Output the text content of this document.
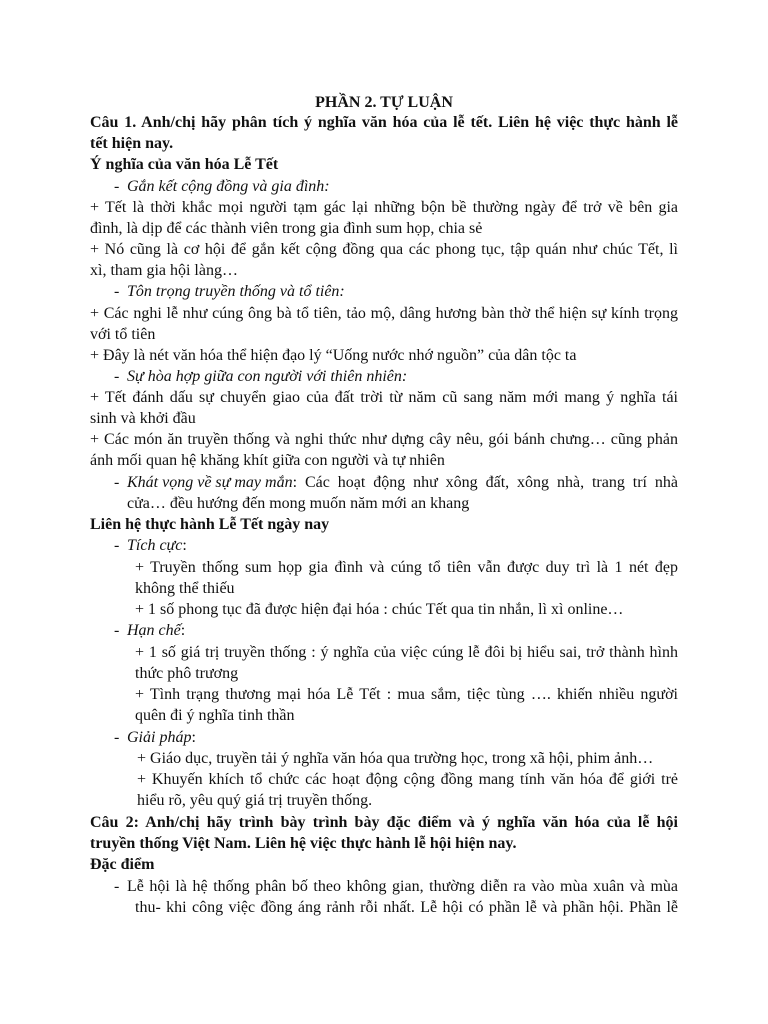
PHẦN 2. TỰ LUẬN
Câu 1. Anh/chị hãy phân tích ý nghĩa văn hóa của lễ tết. Liên hệ việc thực hành lễ
tết hiện nay.
Ý nghĩa của văn hóa Lễ Tết
- Gắn kết cộng đồng và gia đình:
+ Tết là thời khắc mọi người tạm gác lại những bộn bề thường ngày để trở về bên gia
đình, là dịp để các thành viên trong gia đình sum họp, chia sẻ
+ Nó cũng là cơ hội để gắn kết cộng đồng qua các phong tục, tập quán như chúc Tết, lì
xì, tham gia hội làng…
- Tôn trọng truyền thống và tổ tiên:
+ Các nghi lễ như cúng ông bà tổ tiên, tảo mộ, dâng hương bàn thờ thể hiện sự kính trọng
với tổ tiên
+ Đây là nét văn hóa thể hiện đạo lý “Uống nước nhớ nguồn” của dân tộc ta
- Sự hòa hợp giữa con người với thiên nhiên:
+ Tết đánh dấu sự chuyển giao của đất trời từ năm cũ sang năm mới mang ý nghĩa tái
sinh và khởi đầu
+ Các món ăn truyền thống và nghi thức như dựng cây nêu, gói bánh chưng… cũng phản
ánh mối quan hệ khăng khít giữa con người và tự nhiên
- Khát vọng về sự may mắn : Các hoạt động như xông đất, xông nhà, trang trí nhà
cửa… đều hướng đến mong muốn năm mới an khang
Liên hệ thực hành Lễ Tết ngày nay
- Tích cực :
+ Truyền thống sum họp gia đình và cúng tổ tiên vẫn được duy trì là 1 nét đẹp
không thể thiếu
+ 1 số phong tục đã được hiện đại hóa : chúc Tết qua tin nhắn, lì xì online…
- Hạn chế :
+ 1 số giá trị truyền thống : ý nghĩa của việc cúng lễ đôi bị hiểu sai, trở thành hình
thức phô trương
+ Tình trạng thương mại hóa Lễ Tết : mua sắm, tiệc tùng …. khiến nhiều người
quên đi ý nghĩa tinh thần
- Giải pháp :
+ Giáo dục, truyền tải ý nghĩa văn hóa qua trường học, trong xã hội, phim ảnh…
+ Khuyến khích tổ chức các hoạt động cộng đồng mang tính văn hóa để giới trẻ
hiểu rõ, yêu quý giá trị truyền thống.
Câu 2: Anh/chị hãy trình bày trình bày đặc điểm và ý nghĩa văn hóa của lễ hội
truyền thống Việt Nam. Liên hệ việc thực hành lễ hội hiện nay.
Đặc điểm
- Lễ hội là hệ thống phân bố theo không gian, thường diễn ra vào mùa xuân và mùa
thu- khi công việc đồng áng rảnh rỗi nhất. Lễ hội có phần lễ và phần hội. Phần lễ
